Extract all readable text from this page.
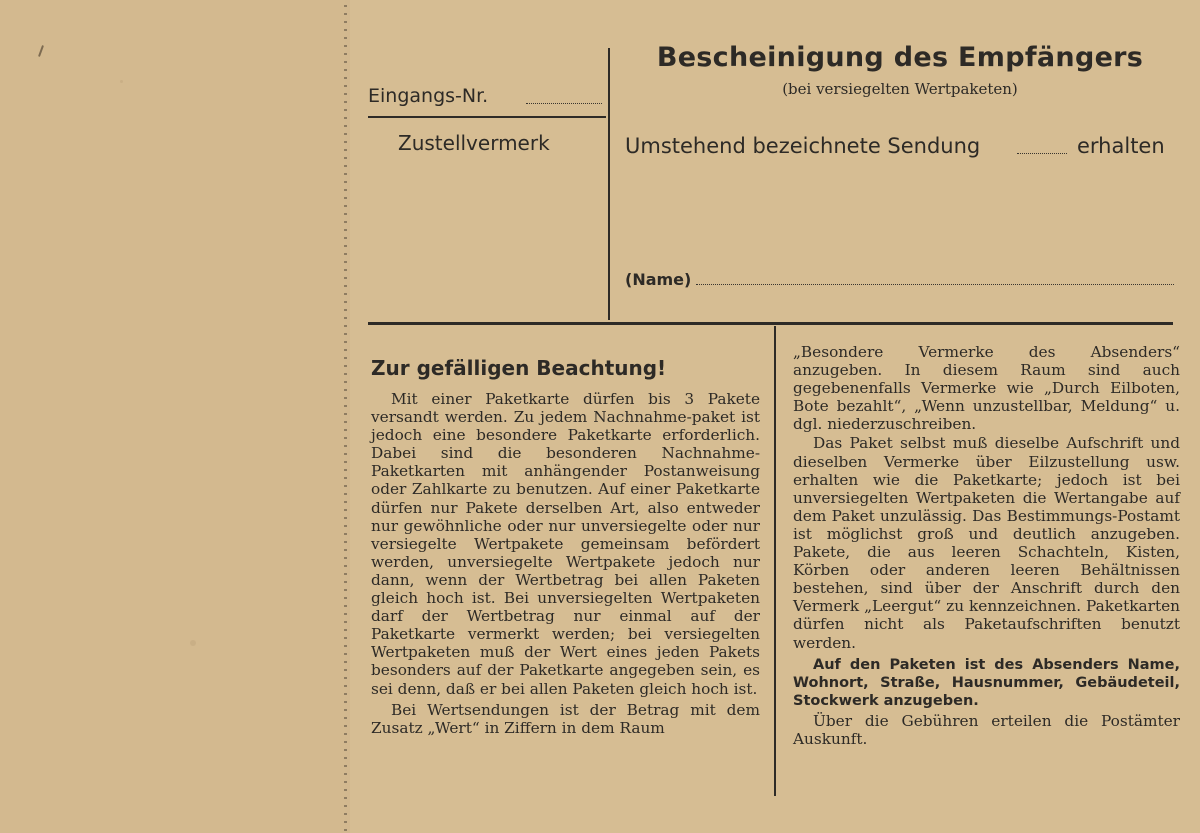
Bescheinigung des Empfängers
(bei versiegelten Wertpaketen)
Eingangs-Nr.
Zustellvermerk	Umstehend bezeichnete Sendung	erhalten
(Name)
Zur gefälligen Beachtung!

Mit einer Paketkarte dürfen bis 3 Pakete versandt werden. Zu jedem Nachnahme-paket ist jedoch eine besondere Paketkarte erforderlich. Dabei sind die besonderen Nachnahme-Paketkarten mit anhängender Postanweisung oder Zahlkarte zu benutzen. Auf einer Paketkarte dürfen nur Pakete derselben Art, also entweder nur gewöhnliche oder nur unversiegelte oder nur versiegelte Wertpakete gemeinsam befördert werden, unversiegelte Wertpakete jedoch nur dann, wenn der Wertbetrag bei allen Paketen gleich hoch ist. Bei unversiegelten Wertpaketen darf der Wertbetrag nur einmal auf der Paketkarte vermerkt werden; bei versiegelten Wertpaketen muß der Wert eines jeden Pakets besonders auf der Paketkarte angegeben sein, es sei denn, daß er bei allen Paketen gleich hoch ist.

Bei Wertsendungen ist der Betrag mit dem Zusatz „Wert“ in Ziffern in dem Raum

„Besondere Vermerke des Absenders“ anzugeben. In diesem Raum sind auch gegebenenfalls Vermerke wie „Durch Eilboten, Bote bezahlt“, „Wenn unzustellbar, Meldung“ u. dgl. niederzuschreiben.

Das Paket selbst muß dieselbe Aufschrift und dieselben Vermerke über Eilzustellung usw. erhalten wie die Paketkarte; jedoch ist bei unversiegelten Wertpaketen die Wertangabe auf dem Paket unzulässig. Das Bestimmungs-Postamt ist möglichst groß und deutlich anzugeben. Pakete, die aus leeren Schachteln, Kisten, Körben oder anderen leeren Behältnissen bestehen, sind über der Anschrift durch den Vermerk „Leergut“ zu kennzeichnen. Paketkarten dürfen nicht als Paketaufschriften benutzt werden.

Auf den Paketen ist des Absenders Name, Wohnort, Straße, Hausnummer, Gebäudeteil, Stockwerk anzugeben.

Über die Gebühren erteilen die Postämter Auskunft.
